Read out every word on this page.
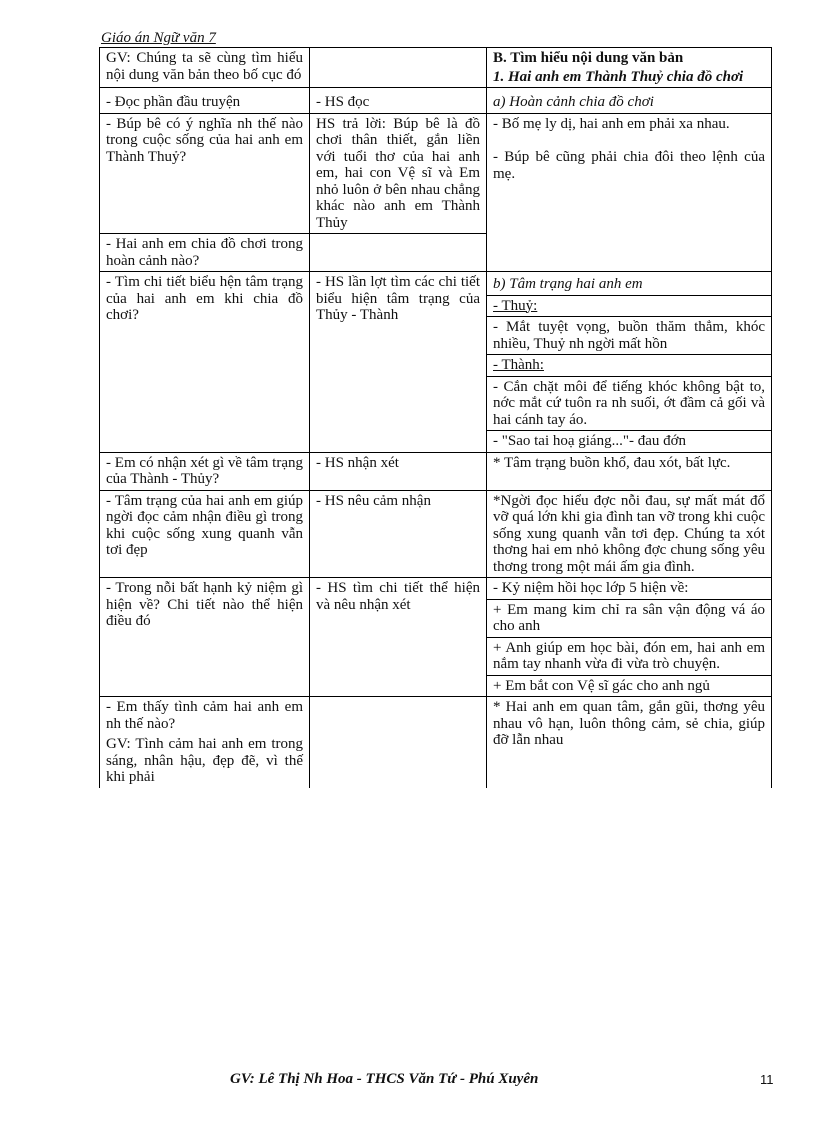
Giáo án Ngữ văn 7
GV: Chúng ta sẽ cùng tìm hiểu nội dung văn bản theo bố cục đó		B. Tìm hiểu nội dung văn bản
1. Hai anh em Thành Thuỷ chia đồ chơi

- Đọc phần đầu truyện	- HS đọc	a) Hoàn cảnh chia đồ chơi

- Búp bê có ý nghĩa nh thế nào trong cuộc sống của hai anh em Thành Thuỷ?	HS trả lời: Búp bê là đồ chơi thân thiết, gắn liền với tuổi thơ của hai anh em, hai con Vệ sĩ và Em nhỏ luôn ở bên nhau chẳng khác nào anh em Thành Thủy	- Bố mẹ ly dị, hai anh em phải xa nhau.
- Búp bê cũng phải chia đôi theo lệnh của mẹ.

- Hai anh em chia đồ chơi trong hoàn cảnh nào?		

- Tìm chi tiết biểu hện tâm trạng của hai anh em khi chia đồ chơi?	- HS lần lợt tìm các chi tiết biểu hiện tâm trạng của Thủy - Thành	b) Tâm trạng hai anh em

		- Thuỷ:

		- Mắt tuyệt vọng, buồn thăm thẳm, khóc nhiều, Thuỷ nh ngời mất hồn

		- Thành:

		- Cắn chặt môi để tiếng khóc không bật to, nớc mắt cứ tuôn ra nh suối, ớt đầm cả gối và hai cánh tay áo.

		- "Sao tai hoạ giáng..."- đau đớn

- Em có nhận xét gì về tâm trạng của Thành - Thủy?	- HS nhận xét	* Tâm trạng buồn khổ, đau xót, bất lực.

- Tâm trạng của hai anh em giúp ngời đọc cảm nhận điều gì trong khi cuộc sống xung quanh vẫn tơi đẹp	- HS nêu cảm nhận	*Ngời đọc hiểu đợc nỗi đau, sự mất mát đổ vỡ quá lớn khi gia đình tan vỡ trong khi cuộc sống xung quanh vẫn tơi đẹp. Chúng ta xót thơng hai em nhỏ không đợc chung sống yêu thơng trong một mái ấm gia đình.

- Trong nỗi bất hạnh kỷ niệm gì hiện về? Chi tiết nào thể hiện điều đó	- HS tìm chi tiết thể hiện và nêu nhận xét	- Kỷ niệm hồi học lớp 5 hiện về:

		+ Em mang kim chỉ ra sân vận động vá áo cho anh

		+ Anh giúp em học bài, đón em, hai anh em nắm tay nhanh vừa đi vừa trò chuyện.

		+ Em bắt con Vệ sĩ gác cho anh ngủ

- Em thấy tình cảm hai anh em nh thế nào?
GV: Tình cảm hai anh em trong sáng, nhân hậu, đẹp đẽ, vì thế khi phải		* Hai anh em quan tâm, gắn gũi, thơng yêu nhau vô hạn, luôn thông cảm, sẻ chia, giúp đỡ lẫn nhau
GV: Lê Thị Nh Hoa - THCS Văn Tứ - Phú Xuyên	11
